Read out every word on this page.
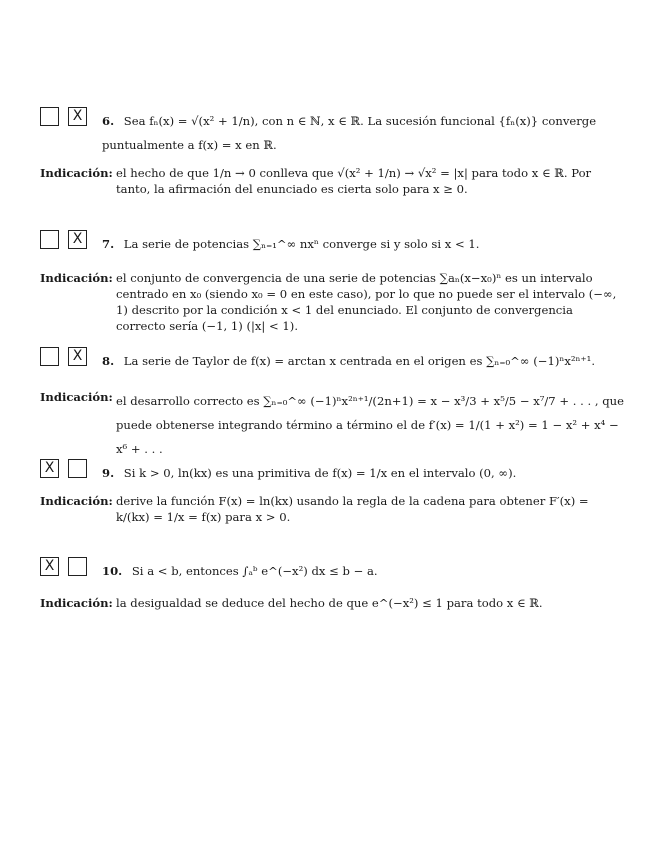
X	6. Sea fₙ(x) = √(x² + 1/n), con n ∈ ℕ, x ∈ ℝ. La sucesión funcional {fₙ(x)} converge puntualmente a f(x) = x en ℝ.
Indicación: el hecho de que 1/n → 0 conlleva que √(x² + 1/n) → √x² = |x| para todo x ∈ ℝ. Por tanto, la afirmación del enunciado es cierta solo para x ≥ 0.
X	7. La serie de potencias ∑ₙ₌₁^∞ nxⁿ converge si y solo si x < 1.
Indicación: el conjunto de convergencia de una serie de potencias ∑aₙ(x−x₀)ⁿ es un intervalo centrado en x₀ (siendo x₀ = 0 en este caso), por lo que no puede ser el intervalo (−∞, 1) descrito por la condición x < 1 del enunciado. El conjunto de convergencia correcto sería (−1, 1) (|x| < 1).
X	8. La serie de Taylor de f(x) = arctan x centrada en el origen es ∑ₙ₌₀^∞ (−1)ⁿx²ⁿ⁺¹.
Indicación: el desarrollo correcto es ∑ₙ₌₀^∞ (−1)ⁿx²ⁿ⁺¹/(2n+1) = x − x³/3 + x⁵/5 − x⁷/7 + . . . , que puede obtenerse integrando término a término el de f′(x) = 1/(1 + x²) = 1 − x² + x⁴ − x⁶ + . . .
X	9. Si k > 0, ln(kx) es una primitiva de f(x) = 1/x en el intervalo (0, ∞).
Indicación: derive la función F(x) = ln(kx) usando la regla de la cadena para obtener F′(x) = k/(kx) = 1/x = f(x) para x > 0.
X	10. Si a < b, entonces ∫ₐᵇ e^(−x²) dx ≤ b − a.
Indicación: la desigualdad se deduce del hecho de que e^(−x²) ≤ 1 para todo x ∈ ℝ.
